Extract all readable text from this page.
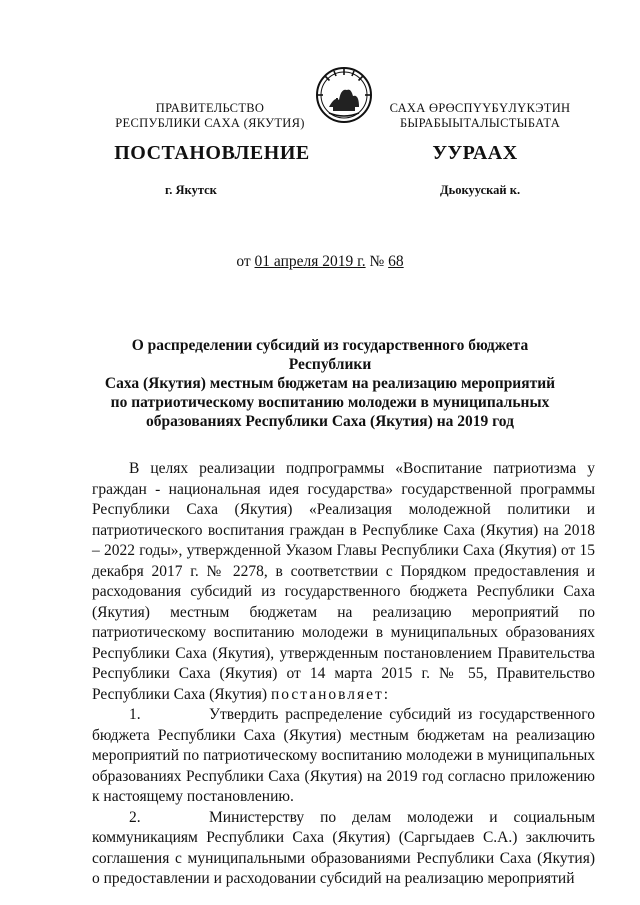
ПРАВИТЕЛЬСТВО
РЕСПУБЛИКИ САХА (ЯКУТИЯ)
САХА ӨРӨСПҮҮБҮЛҮКЭТИН
БЫРАБЫЫТАЛЫСТЫБАТА
ПОСТАНОВЛЕНИЕ	УУРААХ
г. Якутск	Дьокуускай к.
от 01 апреля 2019 г. № 68
О распределении субсидий из государственного бюджета Республики
Саха (Якутия) местным бюджетам на реализацию мероприятий
по патриотическому воспитанию молодежи в муниципальных
образованиях Республики Саха (Якутия) на 2019 год

В целях реализации подпрограммы «Воспитание патриотизма у граждан - национальная идея государства» государственной программы Республики Саха (Якутия) «Реализация молодежной политики и патриотического воспитания граждан в Республике Саха (Якутия) на 2018 – 2022 годы», утвержденной Указом Главы Республики Саха (Якутия) от 15 декабря 2017 г. № 2278, в соответствии с Порядком предоставления и расходования субсидий из государственного бюджета Республики Саха (Якутия) местным бюджетам на реализацию мероприятий по патриотическому воспитанию молодежи в муниципальных образованиях Республики Саха (Якутия), утвержденным постановлением Правительства Республики Саха (Якутия) от 14 марта 2015 г. № 55, Правительство Республики Саха (Якутия) постановляет:

1.	Утвердить распределение субсидий из государственного бюджета Республики Саха (Якутия) местным бюджетам на реализацию мероприятий по патриотическому воспитанию молодежи в муниципальных образованиях Республики Саха (Якутия) на 2019 год согласно приложению к настоящему постановлению.

2.	Министерству по делам молодежи и социальным коммуникациям Республики Саха (Якутия) (Саргыдаев С.А.) заключить соглашения с муниципальными образованиями Республики Саха (Якутия) о предоставлении и расходовании субсидий на реализацию мероприятий
